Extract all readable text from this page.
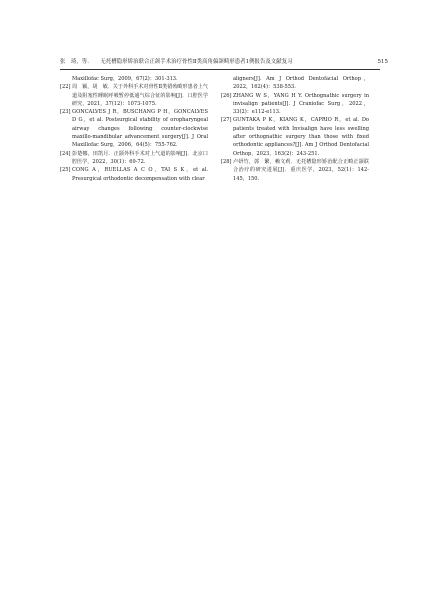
张　琦，等． 无托槽隐形矫治联合正颌手术治疗骨性Ⅱ类高角偏颌畸形患者1例报告及文献复习	515
Maxillofac Surg，2009，67(2)：301-313.
[22] 周　颖，胡　敏．关于外科手术对骨性Ⅱ类错殆畸形患者上气道及阻塞性睡眠呼吸暂停低通气综合征的影响[J]．口腔医学研究，2021，37(12)：1073-1075.
[23] GONCALVES J R，BUSCHANG P H，GONCALVES D G，et al. Postsurgical stability of oropharyngeal airway changes following counter-clockwise maxillo-mandibular advancement surgery[J]. J Oral Maxillofac Surg，2006，64(5)：755-762.
[24] 彭楚娜，田凯月．正颌外科手术对上气道的影响[J]．北京口腔医学，2022，30(1)：69-72.
[25] CONG A，RUELLAS A C O，TAI S K，et al. Presurgical orthodontic decompensation with clear
aligners[J]. Am J Orthod Dentofacial Orthop，2022，162(4)：538-553.
[26] ZHANG W S，YANG H Y. Orthognathic surgery in invisalign patients[J]. J Craniofac Surg，2022，33(2)：e112-e113.
[27] GUNTAKA P K，KIANG K，CAPRIO R，et al. Do patients treated with Invisalign have less swelling after orthognathic surgery than those with fixed orthodontic appliances?[J]. Am J Orthod Dentofacial Orthop，2023，163(2)：243-251.
[28] 卢妍竹，郭　繁，赖文莉．无托槽隐形矫治配合正畸正颌联合治疗的研究进展[J]．重庆医学，2023，52(1)：142-145，150.
